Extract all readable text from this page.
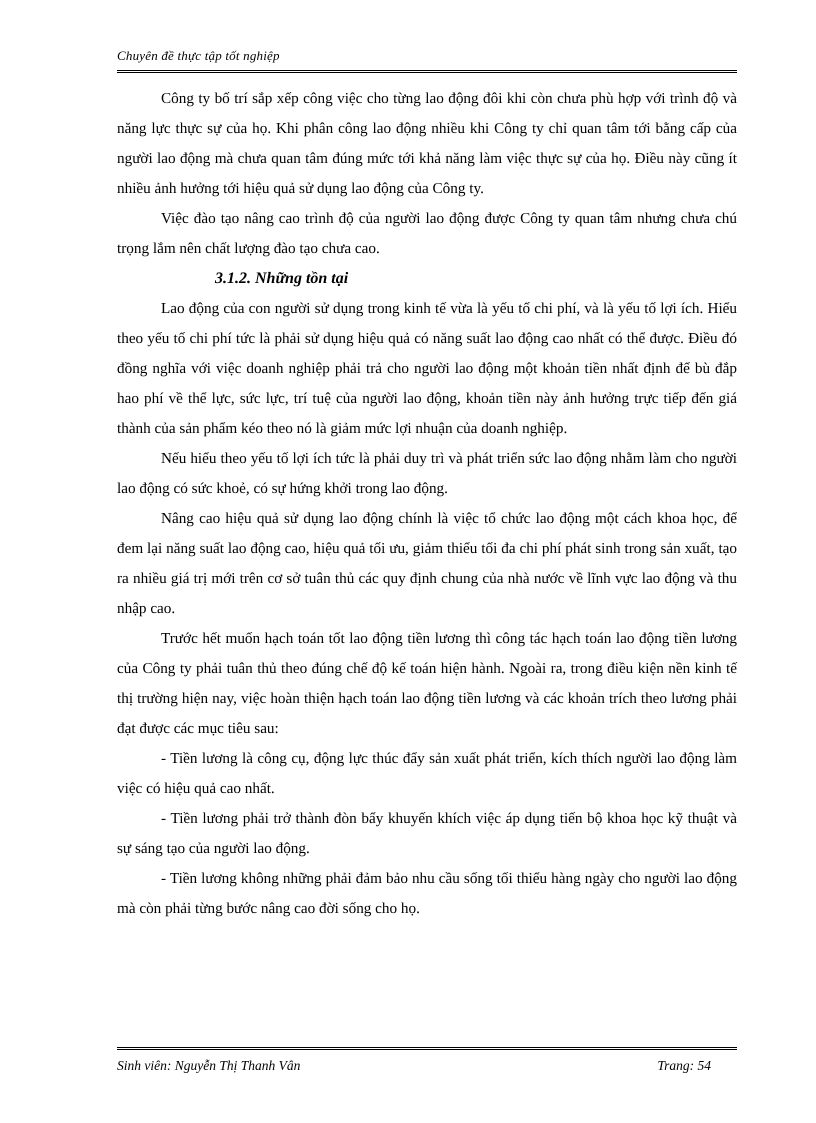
Chuyên đề thực tập tốt nghiệp

Công ty bố trí sắp xếp công việc cho từng lao động đôi khi còn chưa phù hợp với trình độ và năng lực thực sự của họ. Khi phân công lao động nhiều khi Công ty chỉ quan tâm tới bằng cấp của người lao động mà chưa quan tâm đúng mức tới khả năng làm việc thực sự của họ. Điều này cũng ít nhiều ảnh hưởng tới hiệu quả sử dụng lao động của Công ty.

Việc đào tạo nâng cao trình độ của người lao động được Công ty quan tâm nhưng chưa chú trọng lắm nên chất lượng đào tạo chưa cao.

3.1.2. Những tồn tại

Lao động của con người sử dụng trong kinh tế vừa là yếu tố chi phí, và là yếu tố lợi ích. Hiểu theo yếu tố chi phí tức là phải sử dụng hiệu quả có năng suất lao động cao nhất có thể được. Điều đó đồng nghĩa với việc doanh nghiệp phải trả cho người lao động một khoản tiền nhất định để bù đắp hao phí về thể lực, sức lực, trí tuệ của người lao động, khoản tiền này ảnh hưởng trực tiếp đến giá thành của sản phẩm kéo theo nó là giảm mức lợi nhuận của doanh nghiệp.

Nếu hiểu theo yếu tố lợi ích tức là phải duy trì và phát triển sức lao động nhằm làm cho người lao động có sức khoẻ, có sự hứng khởi trong lao động.

Nâng cao hiệu quả sử dụng lao động chính là việc tổ chức lao động một cách khoa học, để đem lại năng suất lao động cao, hiệu quả tối ưu, giảm thiểu tối đa chi phí phát sinh trong sản xuất, tạo ra nhiều giá trị mới trên cơ sở tuân thủ các quy định chung của nhà nước về lĩnh vực lao động và thu nhập cao.

Trước hết muốn hạch toán tốt lao động tiền lương thì công tác hạch toán lao động tiền lương của Công ty phải tuân thủ theo đúng chế độ kế toán hiện hành. Ngoài ra, trong điều kiện nền kinh tế thị trường hiện nay, việc hoàn thiện hạch toán lao động tiền lương và các khoản trích theo lương phải đạt được các mục tiêu sau:

- Tiền lương là công cụ, động lực thúc đẩy sản xuất phát triển, kích thích người lao động làm việc có hiệu quả cao nhất.

- Tiền lương phải trở thành đòn bẩy khuyến khích việc áp dụng tiến bộ khoa học kỹ thuật và sự sáng tạo của người lao động.

- Tiền lương không những phải đảm bảo nhu cầu sống tối thiểu hàng ngày cho người lao động mà còn phải từng bước nâng cao đời sống cho họ.

Sinh viên: Nguyễn Thị Thanh Vân	Trang: 54
